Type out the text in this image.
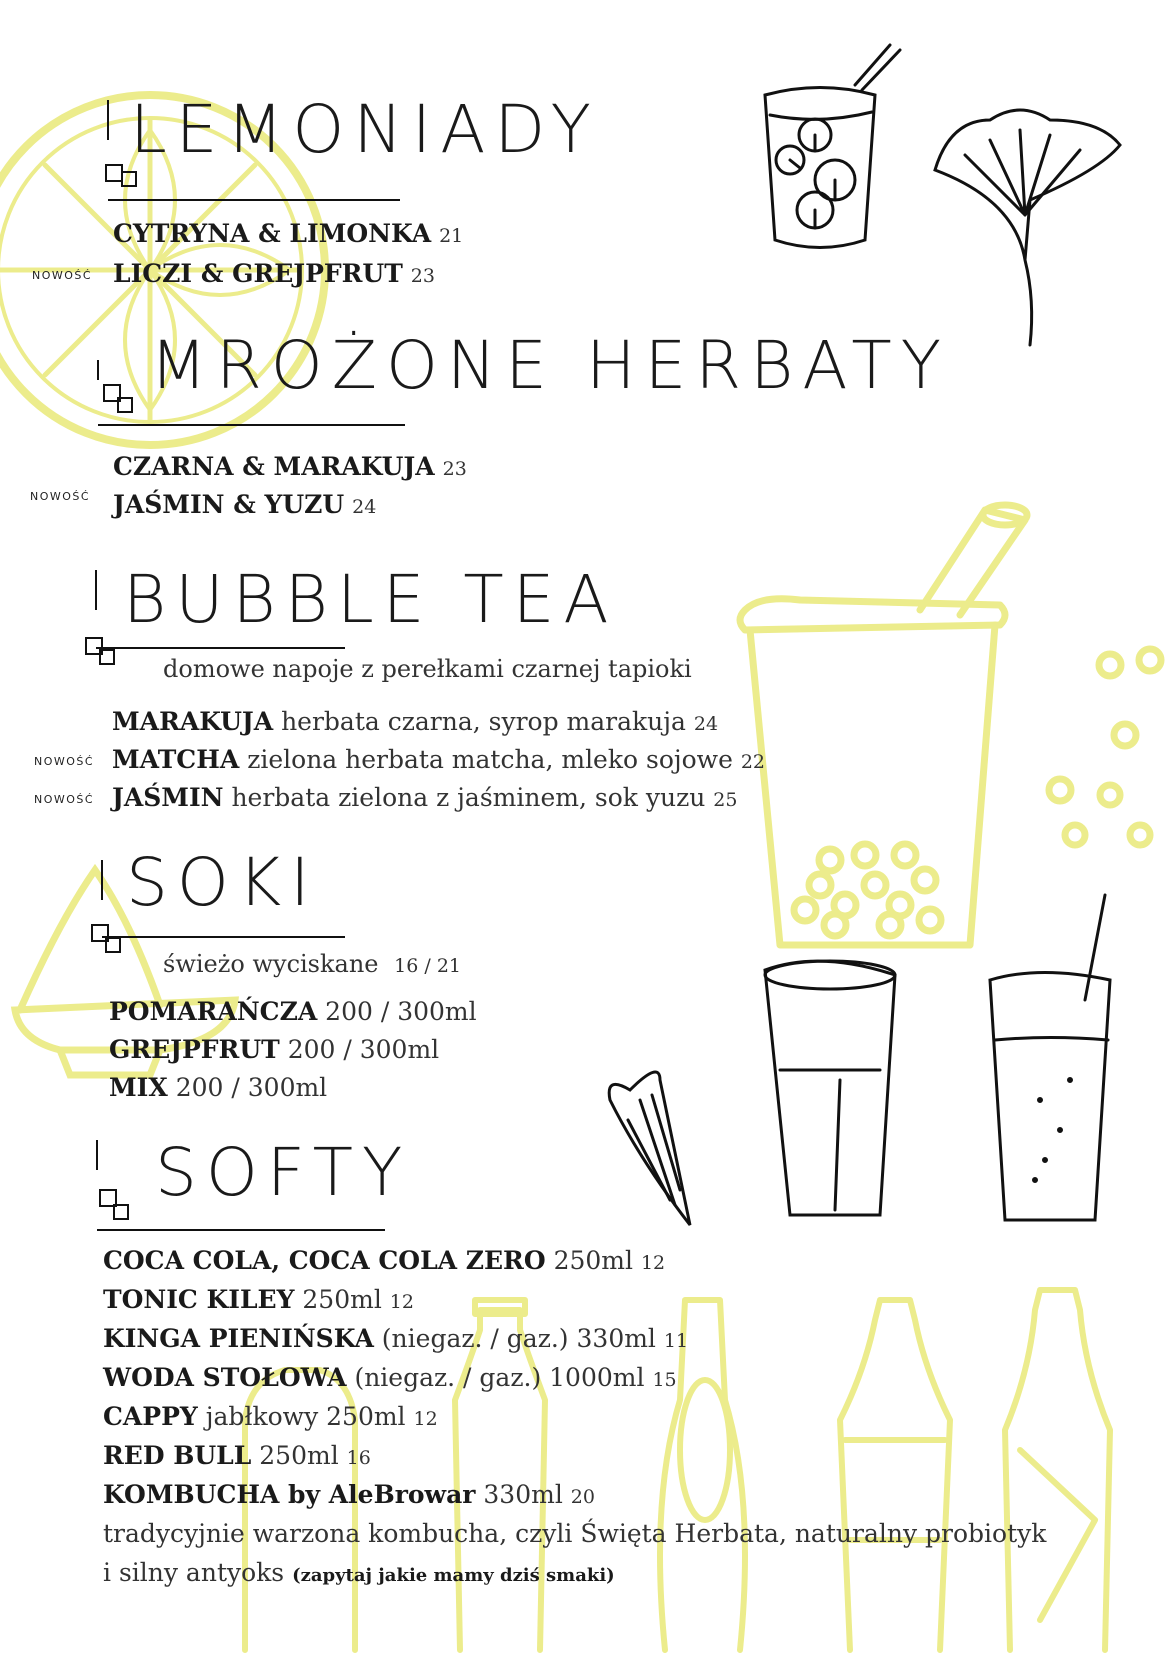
LEMONIADY
CYTRYNA & LIMONKA 21
NOWOŚĆ LICZI & GREJPFRUT 23
MROŻONE HERBATY
CZARNA & MARAKUJA 23
NOWOŚĆ JAŚMIN & YUZU 24
BUBBLE TEA
domowe napoje z perełkami czarnej tapioki
MARAKUJA herbata czarna, syrop marakuja 24
NOWOŚĆ MATCHA zielona herbata matcha, mleko sojowe 22
NOWOŚĆ JAŚMIN herbata zielona z jaśminem, sok yuzu 25
SOKI
świeżo wyciskane 16 / 21
POMARAŃCZA 200 / 300ml
GREJPFRUT 200 / 300ml
MIX 200 / 300ml
SOFTY
COCA COLA, COCA COLA ZERO 250ml 12
TONIC KILEY 250ml 12
KINGA PIENIŃSKA (niegaz. / gaz.) 330ml 11
WODA STOŁOWA (niegaz. / gaz.) 1000ml 15
CAPPY jabłkowy 250ml 12
RED BULL 250ml 16
KOMBUCHA by AleBrowar 330ml 20
tradycyjnie warzona kombucha, czyli Święta Herbata, naturalny probiotyk
i silny antyoks (zapytaj jakie mamy dziś smaki)
